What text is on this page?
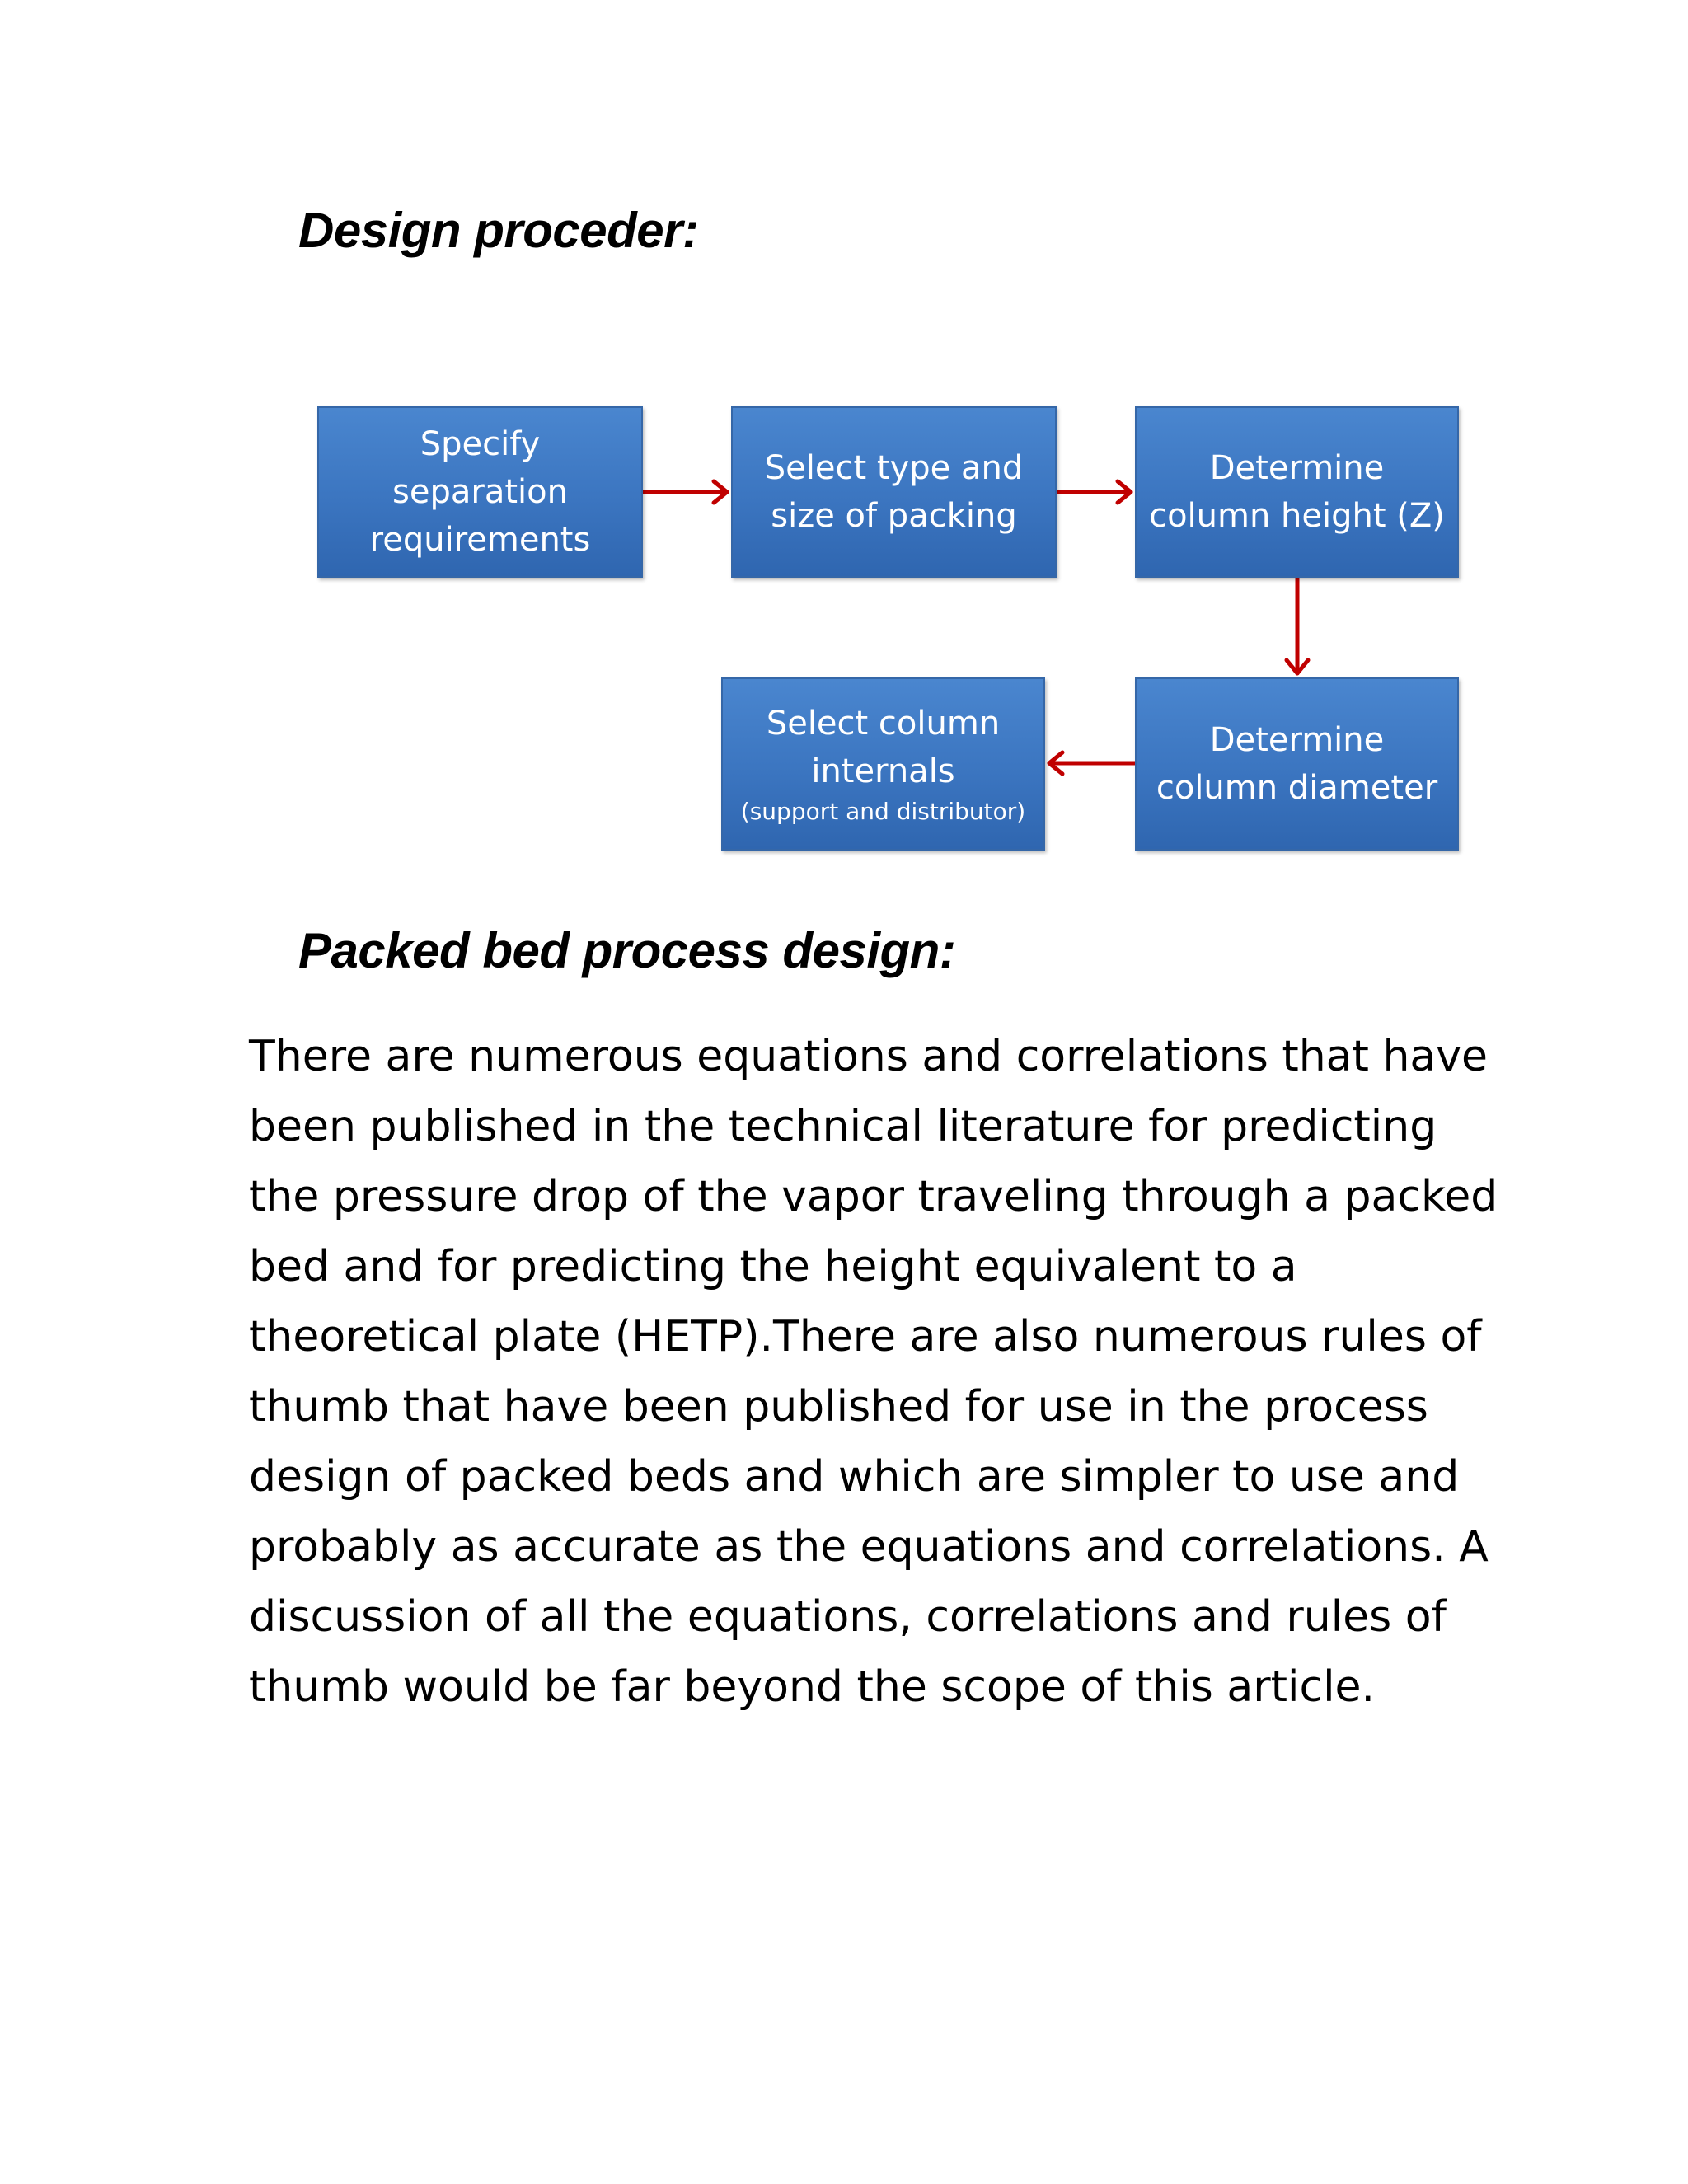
Design proceder:
Specify
separation
requirements
Select type and
size of packing
Determine
column height (Z)
Determine
column diameter
Select column
internals
(support and distributor)
Packed bed process design:

There are numerous equations and correlations that have
been published in the technical literature for predicting
the pressure drop of the vapor traveling through a packed
bed and for predicting the height equivalent to a
theoretical plate (HETP).There are also numerous rules of
thumb that have been published for use in the process
design of packed beds and which are simpler to use and
probably as accurate as the equations and correlations. A
discussion of all the equations, correlations and rules of
thumb would be far beyond the scope of this article.
